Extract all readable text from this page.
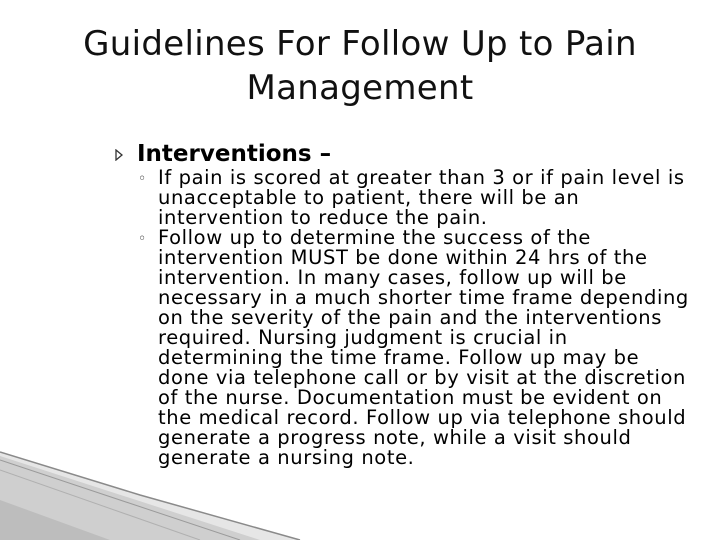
Guidelines For Follow Up to Pain
Management
Interventions –
◦ If pain is scored at greater than 3 or if pain level is unacceptable to patient, there will be an intervention to reduce the pain.
◦ Follow up to determine the success of the intervention MUST be done within 24 hrs of the intervention. In many cases, follow up will be necessary in a much shorter time frame depending on the severity of the pain and the interventions required. Nursing judgment is crucial in determining the time frame. Follow up may be done via telephone call or by visit at the discretion of the nurse. Documentation must be evident on the medical record. Follow up via telephone should generate a progress note, while a visit should generate a nursing note.
